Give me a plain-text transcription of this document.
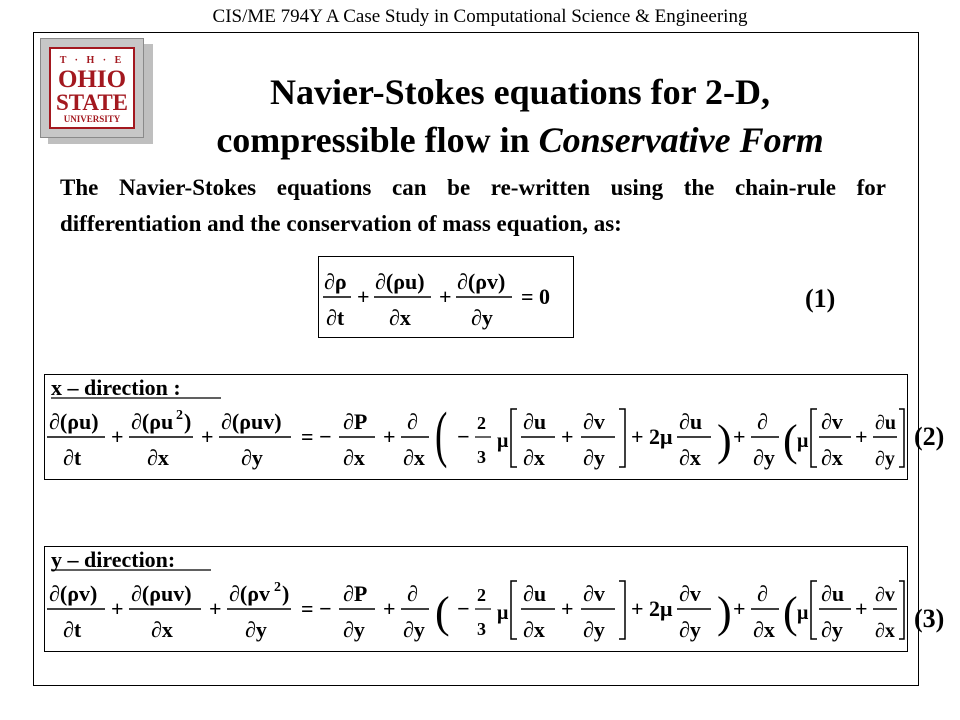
CIS/ME 794Y A Case Study in Computational Science & Engineering
T · H · E
OHIO
STATE
UNIVERSITY
Navier-Stokes equations for 2-D,
compressible flow in Conservative Form
The Navier-Stokes equations can be re-written using the chain-rule for differentiation and the conservation of mass equation, as:
∂ρ
∂t
+
∂(ρu)
∂x
+
∂(ρv)
∂y
= 0	(1)
x – direction :
∂(ρu)
∂t
+
∂(ρu 2 )
∂x
+
∂(ρuv)
∂y
= −
∂P
∂x
+
∂
∂x ( −
2
3
μ
∂u
∂x
+
∂v
∂y
+ 2μ
∂u
∂x ) +
∂
∂y ( μ
∂v
∂x
+
∂u
∂y
(2)
y – direction:
∂(ρv)
∂t
+
∂(ρuv)
∂x
+
∂(ρv 2 )
∂y
= −
∂P
∂y
+
∂
∂y ( −
2
3
μ
∂u
∂x
+
∂v
∂y
+ 2μ
∂v
∂y ) +
∂
∂x ( μ
∂u
∂y
+
∂v
∂x (3)
